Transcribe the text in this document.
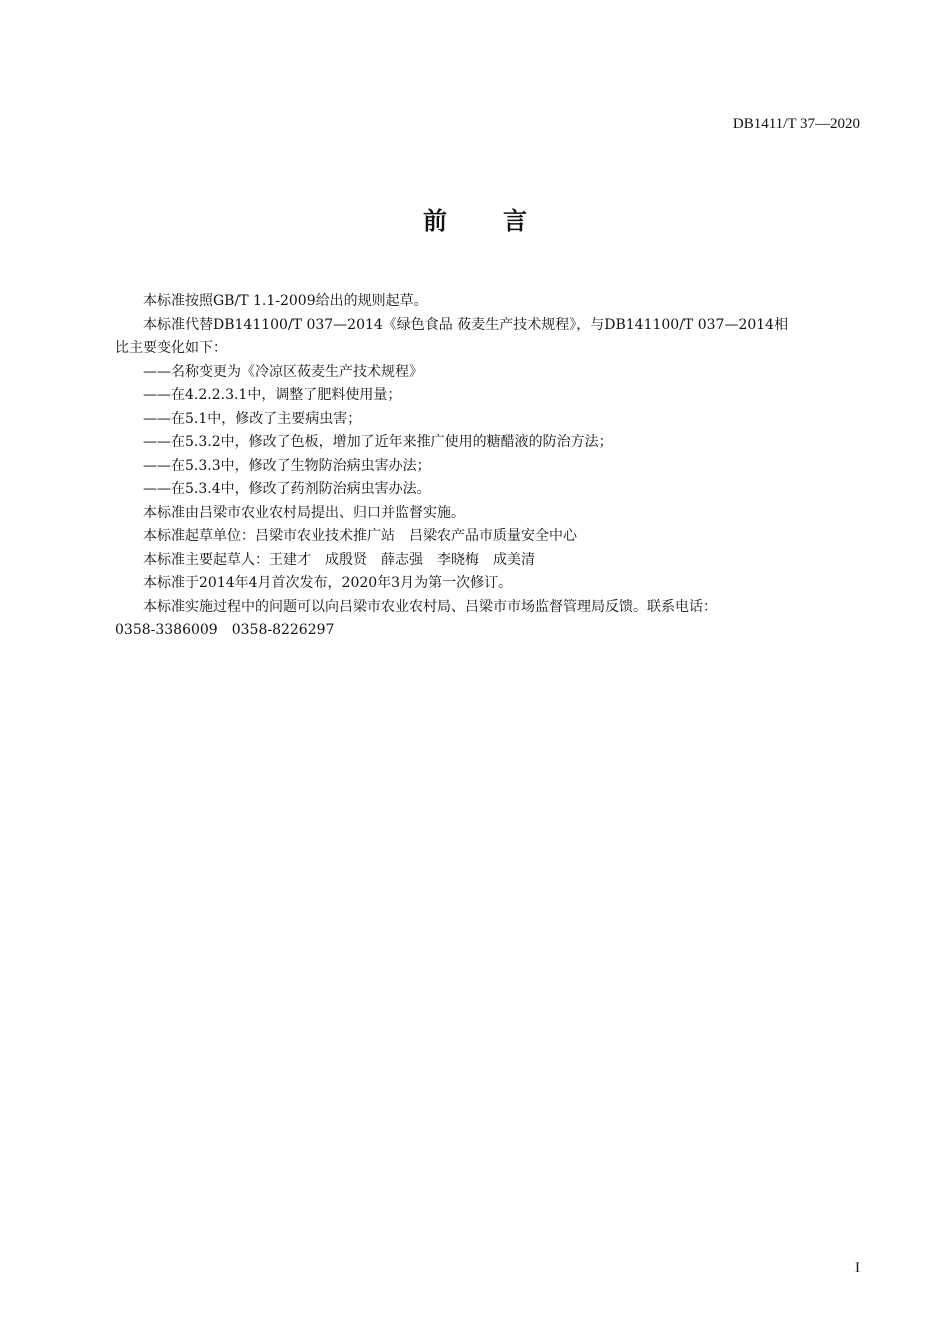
DB1411/T 37—2020
前 言

本标准按照GB/T 1.1-2009给出的规则起草。

本标准代替DB141100/T 037—2014《绿色食品 莜麦生产技术规程》，与DB141100/T 037—2014相

比主要变化如下：

——名称变更为《冷凉区莜麦生产技术规程》

——在4.2.2.3.1中，调整了肥料使用量；

——在5.1中，修改了主要病虫害；

——在5.3.2中，修改了色板，增加了近年来推广使用的糖醋液的防治方法；

——在5.3.3中，修改了生物防治病虫害办法；

——在5.3.4中，修改了药剂防治病虫害办法。

本标准由吕梁市农业农村局提出、归口并监督实施。

本标准起草单位：吕梁市农业技术推广站 吕梁农产品市质量安全中心

本标准主要起草人：王建才 成殷贤 薛志强 李晓梅 成美清

本标准于2014年4月首次发布，2020年3月为第一次修订。

本标准实施过程中的问题可以向吕梁市农业农村局、吕梁市市场监督管理局反馈。联系电话：

0358-3386009 0358-8226297

I
